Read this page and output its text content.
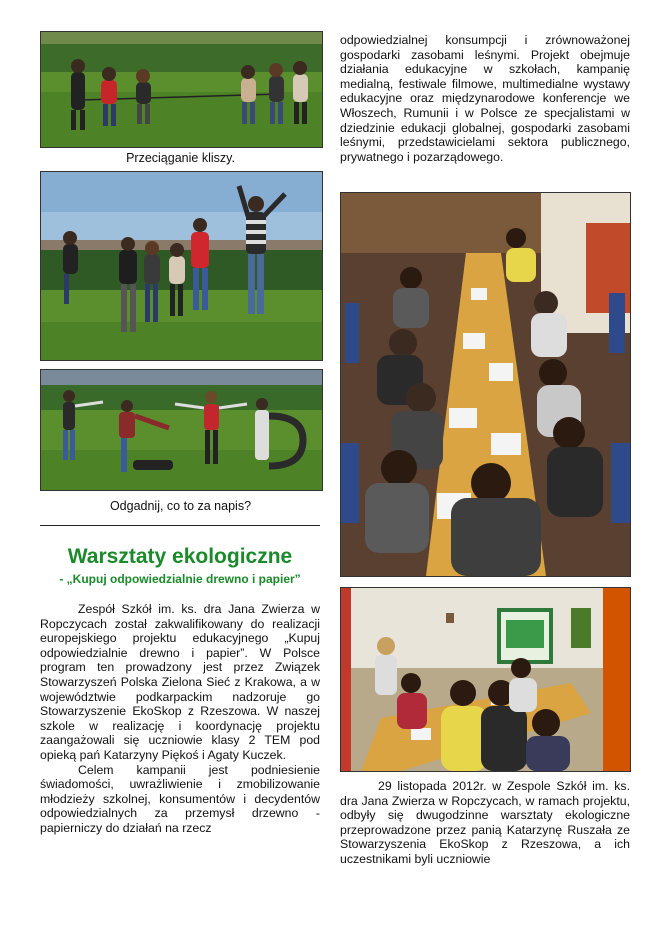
Przeciąganie kliszy.
Odgadnij, co to za napis?
Warsztaty ekologiczne
- „Kupuj odpowiedzialnie drewno i papier”

Zespół Szkół im. ks. dra Jana Zwierza w Ropczycach został zakwalifikowany do realizacji europejskiego projektu edukacyjnego „Kupuj odpowiedzialnie drewno i papier”. W Polsce program ten prowadzony jest przez Związek Stowarzyszeń Polska Zielona Sieć z Krakowa, a w województwie podkarpackim nadzoruje go Stowarzyszenie EkoSkop z Rzeszowa. W naszej szkole w realizację i koordynację projektu zaangażowali się uczniowie klasy 2 TEM pod opieką pań Katarzyny Piękoś i Agaty Kuczek.

Celem kampanii jest podniesienie świadomości, uwrażliwienie i zmobilizowanie młodzieży szkolnej, konsumentów i decydentów odpowiedzialnych za przemysł drzewno - papierniczy do działań na rzecz

odpowiedzialnej konsumpcji i zrównoważonej gospodarki zasobami leśnymi. Projekt obejmuje działania edukacyjne w szkołach, kampanię medialną, festiwale filmowe, multimedialne wystawy edukacyjne oraz międzynarodowe konferencje we Włoszech, Rumunii i w Polsce ze specjalistami w dziedzinie edukacji globalnej, gospodarki zasobami leśnymi, przedstawicielami sektora publicznego, prywatnego i pozarządowego.

29 listopada 2012r. w Zespole Szkół im. ks. dra Jana Zwierza w Ropczycach, w ramach projektu, odbyły się dwugodzinne warsztaty ekologiczne przeprowadzone przez panią Katarzynę Ruszała ze Stowarzyszenia EkoSkop z Rzeszowa, a ich uczestnikami byli uczniowie
